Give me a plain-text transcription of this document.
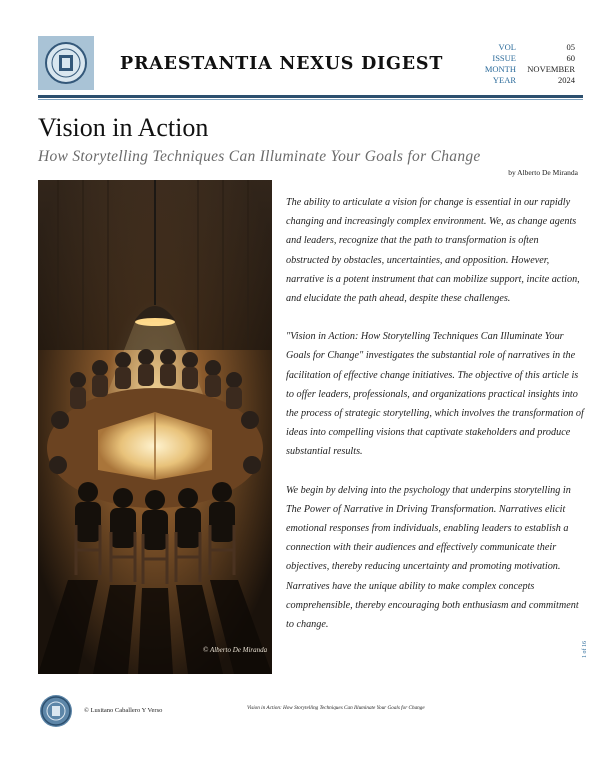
PRAESTANTIA NEXUS DIGEST
VOL
ISSUE
MONTH
YEAR
05
60
NOVEMBER
2024
Vision in Action
How Storytelling Techniques Can Illuminate Your Goals for Change
by Alberto De Miranda
© Alberto De Miranda

The ability to articulate a vision for change is essential in our rapidly changing and increasingly complex environment. We, as change agents and leaders, recognize that the path to transformation is often obstructed by obstacles, uncertainties, and opposition. However, narrative is a potent instrument that can mobilize support, incite action, and elucidate the path ahead, despite these challenges.

"Vision in Action: How Storytelling Techniques Can Illuminate Your Goals for Change" investigates the substantial role of narratives in the facilitation of effective change initiatives. The objective of this article is to offer leaders, professionals, and organizations practical insights into the process of strategic storytelling, which involves the transformation of ideas into compelling visions that captivate stakeholders and produce substantial results.

We begin by delving into the psychology that underpins storytelling in The Power of Narrative in Driving Transformation. Narratives elicit emotional responses from individuals, enabling leaders to establish a connection with their audiences and effectively communicate their objectives, thereby reducing uncertainty and promoting motivation. Narratives have the unique ability to make complex concepts comprehensible, thereby encouraging both enthusiasm and commitment to change.

1 of 16
© Lusitano Caballero Y Verso	Vision in Action: How Storytelling Techniques Can Illuminate Your Goals for Change
